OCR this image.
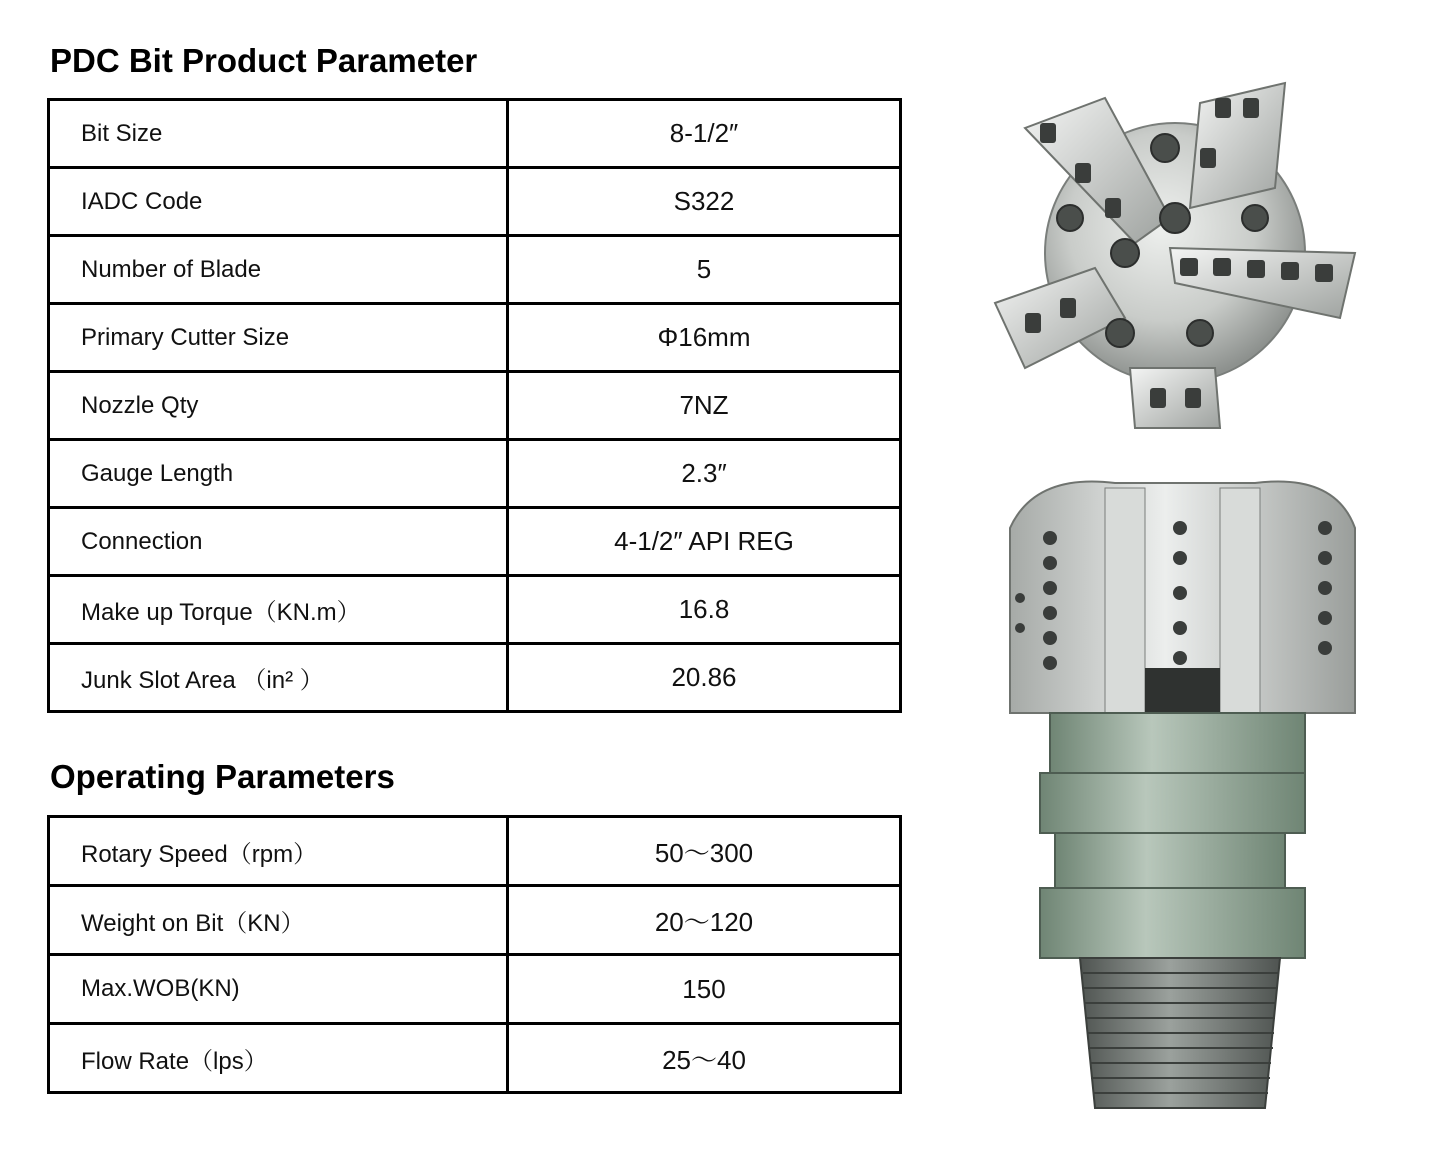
PDC Bit Product Parameter
Bit Size	8-1/2″
IADC Code	S322
Number of Blade	5
Primary Cutter Size	Φ16mm
Nozzle Qty	7NZ
Gauge Length	2.3″
Connection	4-1/2″ API REG
Make up Torque（KN.m）	16.8
Junk Slot Area （in² ）	20.86
Operating Parameters
Rotary Speed（rpm）	50～300
Weight on Bit（KN）	20～120
Max.WOB(KN)	150
Flow Rate（lps）	25～40
